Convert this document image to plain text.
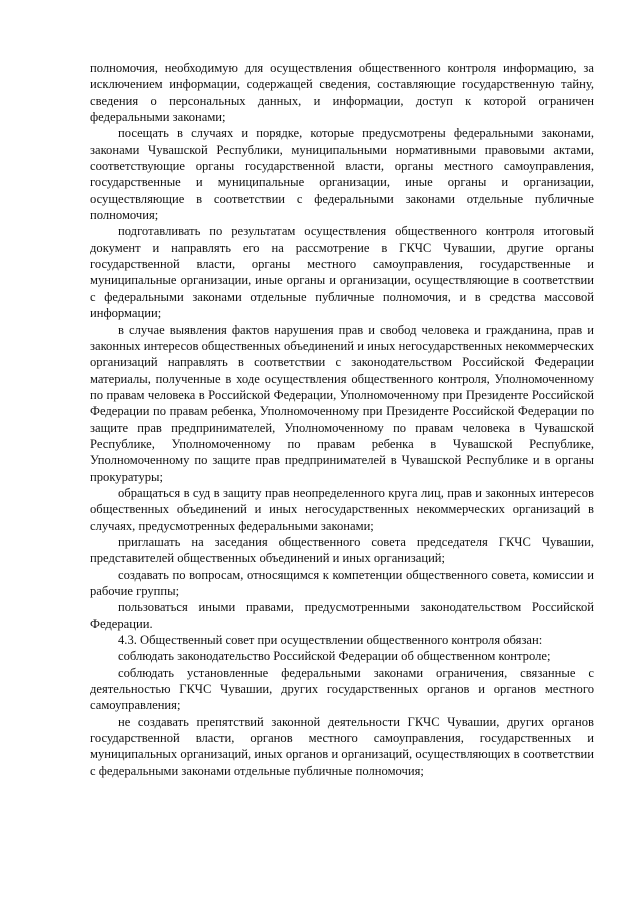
полномочия, необходимую для осуществления общественного контроля информацию, за исключением информации, содержащей сведения, составляющие государственную тайну, сведения о персональных данных, и информации, доступ к которой ограничен федеральными законами;

посещать в случаях и порядке, которые предусмотрены федеральными законами, законами Чувашской Республики, муниципальными нормативными правовыми актами, соответствующие органы государственной власти, органы местного самоуправления, государственные и муниципальные организации, иные органы и организации, осуществляющие в соответствии с федеральными законами отдельные публичные полномочия;

подготавливать по результатам осуществления общественного контроля итоговый документ и направлять его на рассмотрение в ГКЧС Чувашии, другие органы государственной власти, органы местного самоуправления, государственные и муниципальные организации, иные органы и организации, осуществляющие в соответствии с федеральными законами отдельные публичные полномочия, и в средства массовой информации;

в случае выявления фактов нарушения прав и свобод человека и гражданина, прав и законных интересов общественных объединений и иных негосударственных некоммерческих организаций направлять в соответствии с законодательством Российской Федерации материалы, полученные в ходе осуществления общественного контроля, Уполномоченному по правам человека в Российской Федерации, Уполномоченному при Президенте Российской Федерации по правам ребенка, Уполномоченному при Президенте Российской Федерации по защите прав предпринимателей, Уполномоченному по правам человека в Чувашской Республике, Уполномоченному по правам ребенка в Чувашской Республике, Уполномоченному по защите прав предпринимателей в Чувашской Республике и в органы прокуратуры;

обращаться в суд в защиту прав неопределенного круга лиц, прав и законных интересов общественных объединений и иных негосударственных некоммерческих организаций в случаях, предусмотренных федеральными законами;

приглашать на заседания общественного совета председателя ГКЧС Чувашии, представителей общественных объединений и иных организаций;

создавать по вопросам, относящимся к компетенции общественного совета, комиссии и рабочие группы;

пользоваться иными правами, предусмотренными законодательством Российской Федерации.

4.3. Общественный совет при осуществлении общественного контроля обязан:

соблюдать законодательство Российской Федерации об общественном контроле;

соблюдать установленные федеральными законами ограничения, связанные с деятельностью ГКЧС Чувашии, других государственных органов и органов местного самоуправления;

не создавать препятствий законной деятельности ГКЧС Чувашии, других органов государственной власти, органов местного самоуправления, государственных и муниципальных организаций, иных органов и организаций, осуществляющих в соответствии с федеральными законами отдельные публичные полномочия;
